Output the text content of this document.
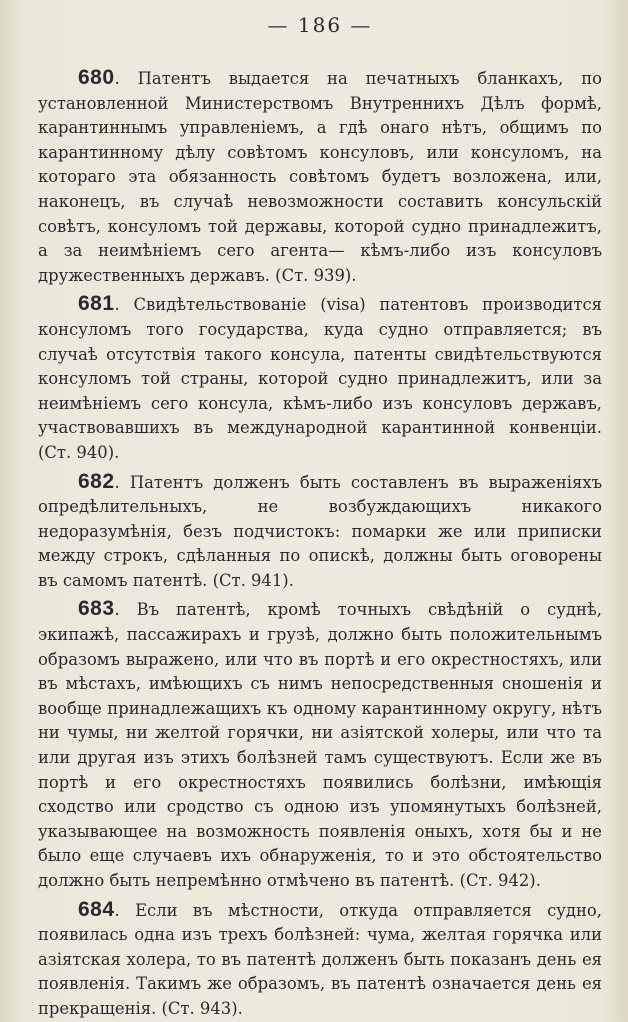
— 186 —

680. Патентъ выдается на печатныхъ бланкахъ, по установленной Министерствомъ Внутреннихъ Дѣлъ формѣ, карантиннымъ управленіемъ, а гдѣ онаго нѣтъ, общимъ по карантинному дѣлу совѣтомъ консуловъ, или консуломъ, на котораго эта обязанность совѣтомъ будетъ возложена, или, наконецъ, въ случаѣ невозможности составить консульскій совѣтъ, консуломъ той державы, которой судно принадлежитъ, а за неимѣніемъ сего агента— кѣмъ-либо изъ консуловъ дружественныхъ державъ. (Ст. 939).

681. Свидѣтельствованіе (visa) патентовъ производится консуломъ того государства, куда судно отправляется; въ случаѣ отсутствія такого консула, патенты свидѣтельствуются консуломъ той страны, которой судно принадлежитъ, или за неимѣніемъ сего консула, кѣмъ-либо изъ консуловъ державъ, участвовавшихъ въ международной карантинной конвенціи. (Ст. 940).

682. Патентъ долженъ быть составленъ въ выраженіяхъ опредѣлительныхъ, не возбуждающихъ никакого недоразумѣнія, безъ подчистокъ: помарки же или приписки между строкъ, сдѣланныя по опискѣ, должны быть оговорены въ самомъ патентѣ. (Ст. 941).

683. Въ патентѣ, кромѣ точныхъ свѣдѣній о суднѣ, экипажѣ, пассажирахъ и грузѣ, должно быть положительнымъ образомъ выражено, или что въ портѣ и его окрестностяхъ, или въ мѣстахъ, имѣющихъ съ нимъ непосредственныя сношенія и вообще принадлежащихъ къ одному карантинному округу, нѣтъ ни чумы, ни желтой горячки, ни азіятской холеры, или что та или другая изъ этихъ болѣзней тамъ существуютъ. Если же въ портѣ и его окрестностяхъ появились болѣзни, имѣющія сходство или сродство съ одною изъ упомянутыхъ болѣзней, указывающее на возможность появленія оныхъ, хотя бы и не было еще случаевъ ихъ обнаруженія, то и это обстоятельство должно быть непремѣнно отмѣчено въ патентѣ. (Ст. 942).

684. Если въ мѣстности, откуда отправляется судно, появилась одна изъ трехъ болѣзней: чума, желтая горячка или азіятская холера, то въ патентѣ долженъ быть показанъ день ея появленія. Такимъ же образомъ, въ патентѣ означается день ея прекращенія. (Ст. 943).
